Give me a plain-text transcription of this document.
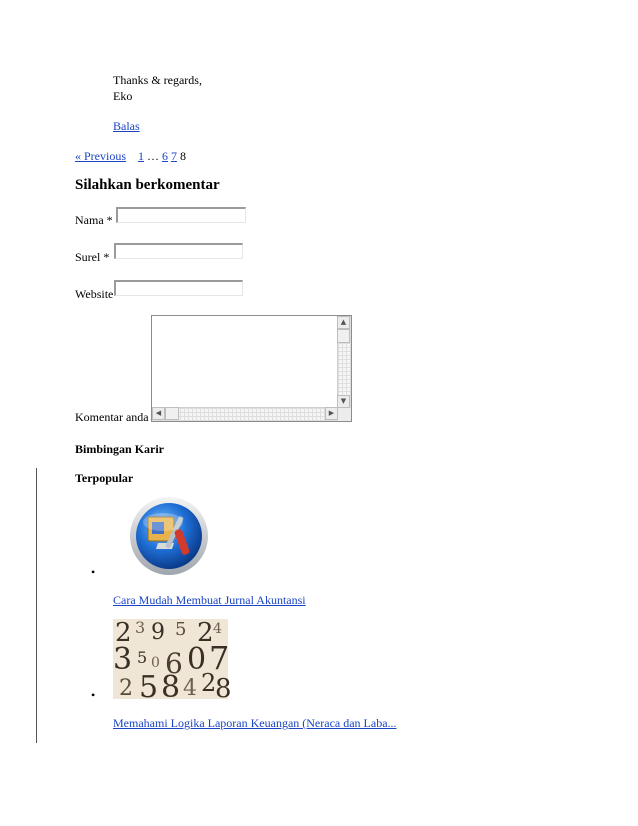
Thanks & regards,
Eko
Balas
« Previous 1 … 6 7 8
Silahkan berkomentar
Nama *
Surel *
Website
Komentar anda
▲
▼
◀	▶
Bimbingan Karir
Terpopular
•
Cara Mudah Membuat Jurnal Akuntansi
2 3 9 5 2 4
3 5 0 6 0 7
2 5 8 4 2
8
•
Memahami Logika Laporan Keuangan (Neraca dan Laba...
